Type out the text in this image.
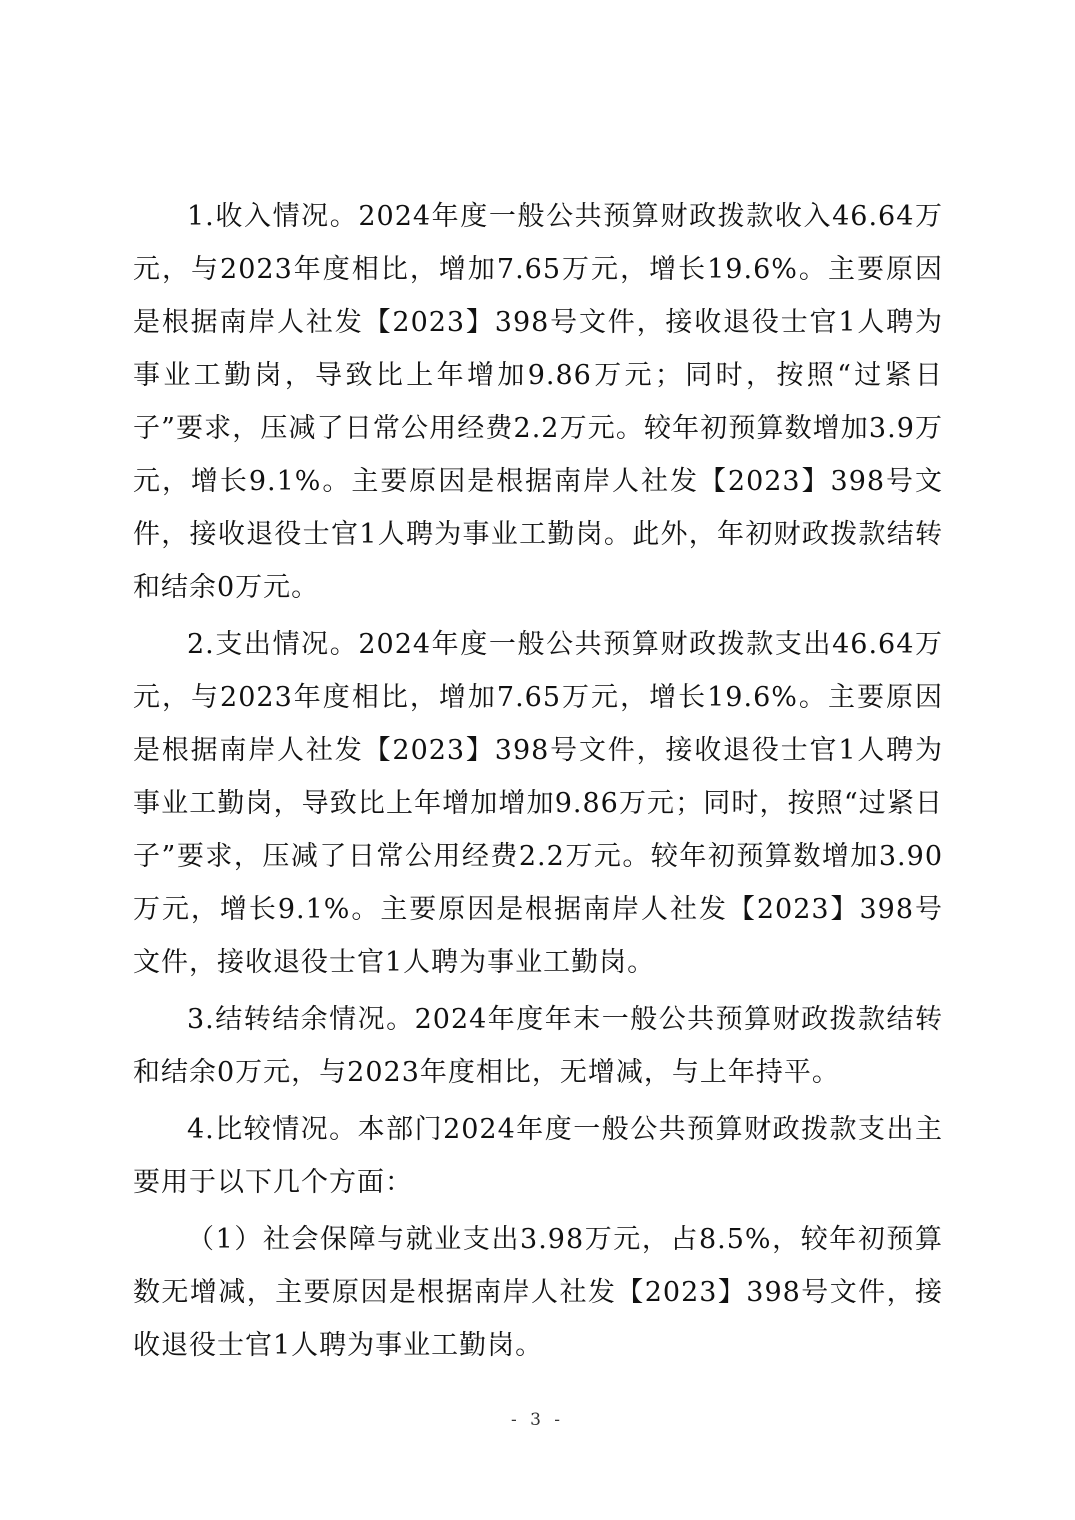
1.收入情况。2024年度一般公共预算财政拨款收入46.64万元，与2023年度相比，增加7.65万元，增长19.6%。主要原因是根据南岸人社发【2023】398号文件，接收退役士官1人聘为事业工勤岗，导致比上年增加9.86万元；同时，按照“过紧日子”要求，压减了日常公用经费2.2万元。较年初预算数增加3.9万元，增长9.1%。主要原因是根据南岸人社发【2023】398号文件，接收退役士官1人聘为事业工勤岗。此外，年初财政拨款结转和结余0万元。

2.支出情况。2024年度一般公共预算财政拨款支出46.64万元，与2023年度相比，增加7.65万元，增长19.6%。主要原因是根据南岸人社发【2023】398号文件，接收退役士官1人聘为事业工勤岗，导致比上年增加增加9.86万元；同时，按照“过紧日子”要求，压减了日常公用经费2.2万元。较年初预算数增加3.90万元，增长9.1%。主要原因是根据南岸人社发【2023】398号文件，接收退役士官1人聘为事业工勤岗。

3.结转结余情况。2024年度年末一般公共预算财政拨款结转和结余0万元，与2023年度相比，无增减，与上年持平。

4.比较情况。本部门2024年度一般公共预算财政拨款支出主要用于以下几个方面：

（1）社会保障与就业支出3.98万元，占8.5%，较年初预算数无增减，主要原因是根据南岸人社发【2023】398号文件，接收退役士官1人聘为事业工勤岗。

- 3 -
